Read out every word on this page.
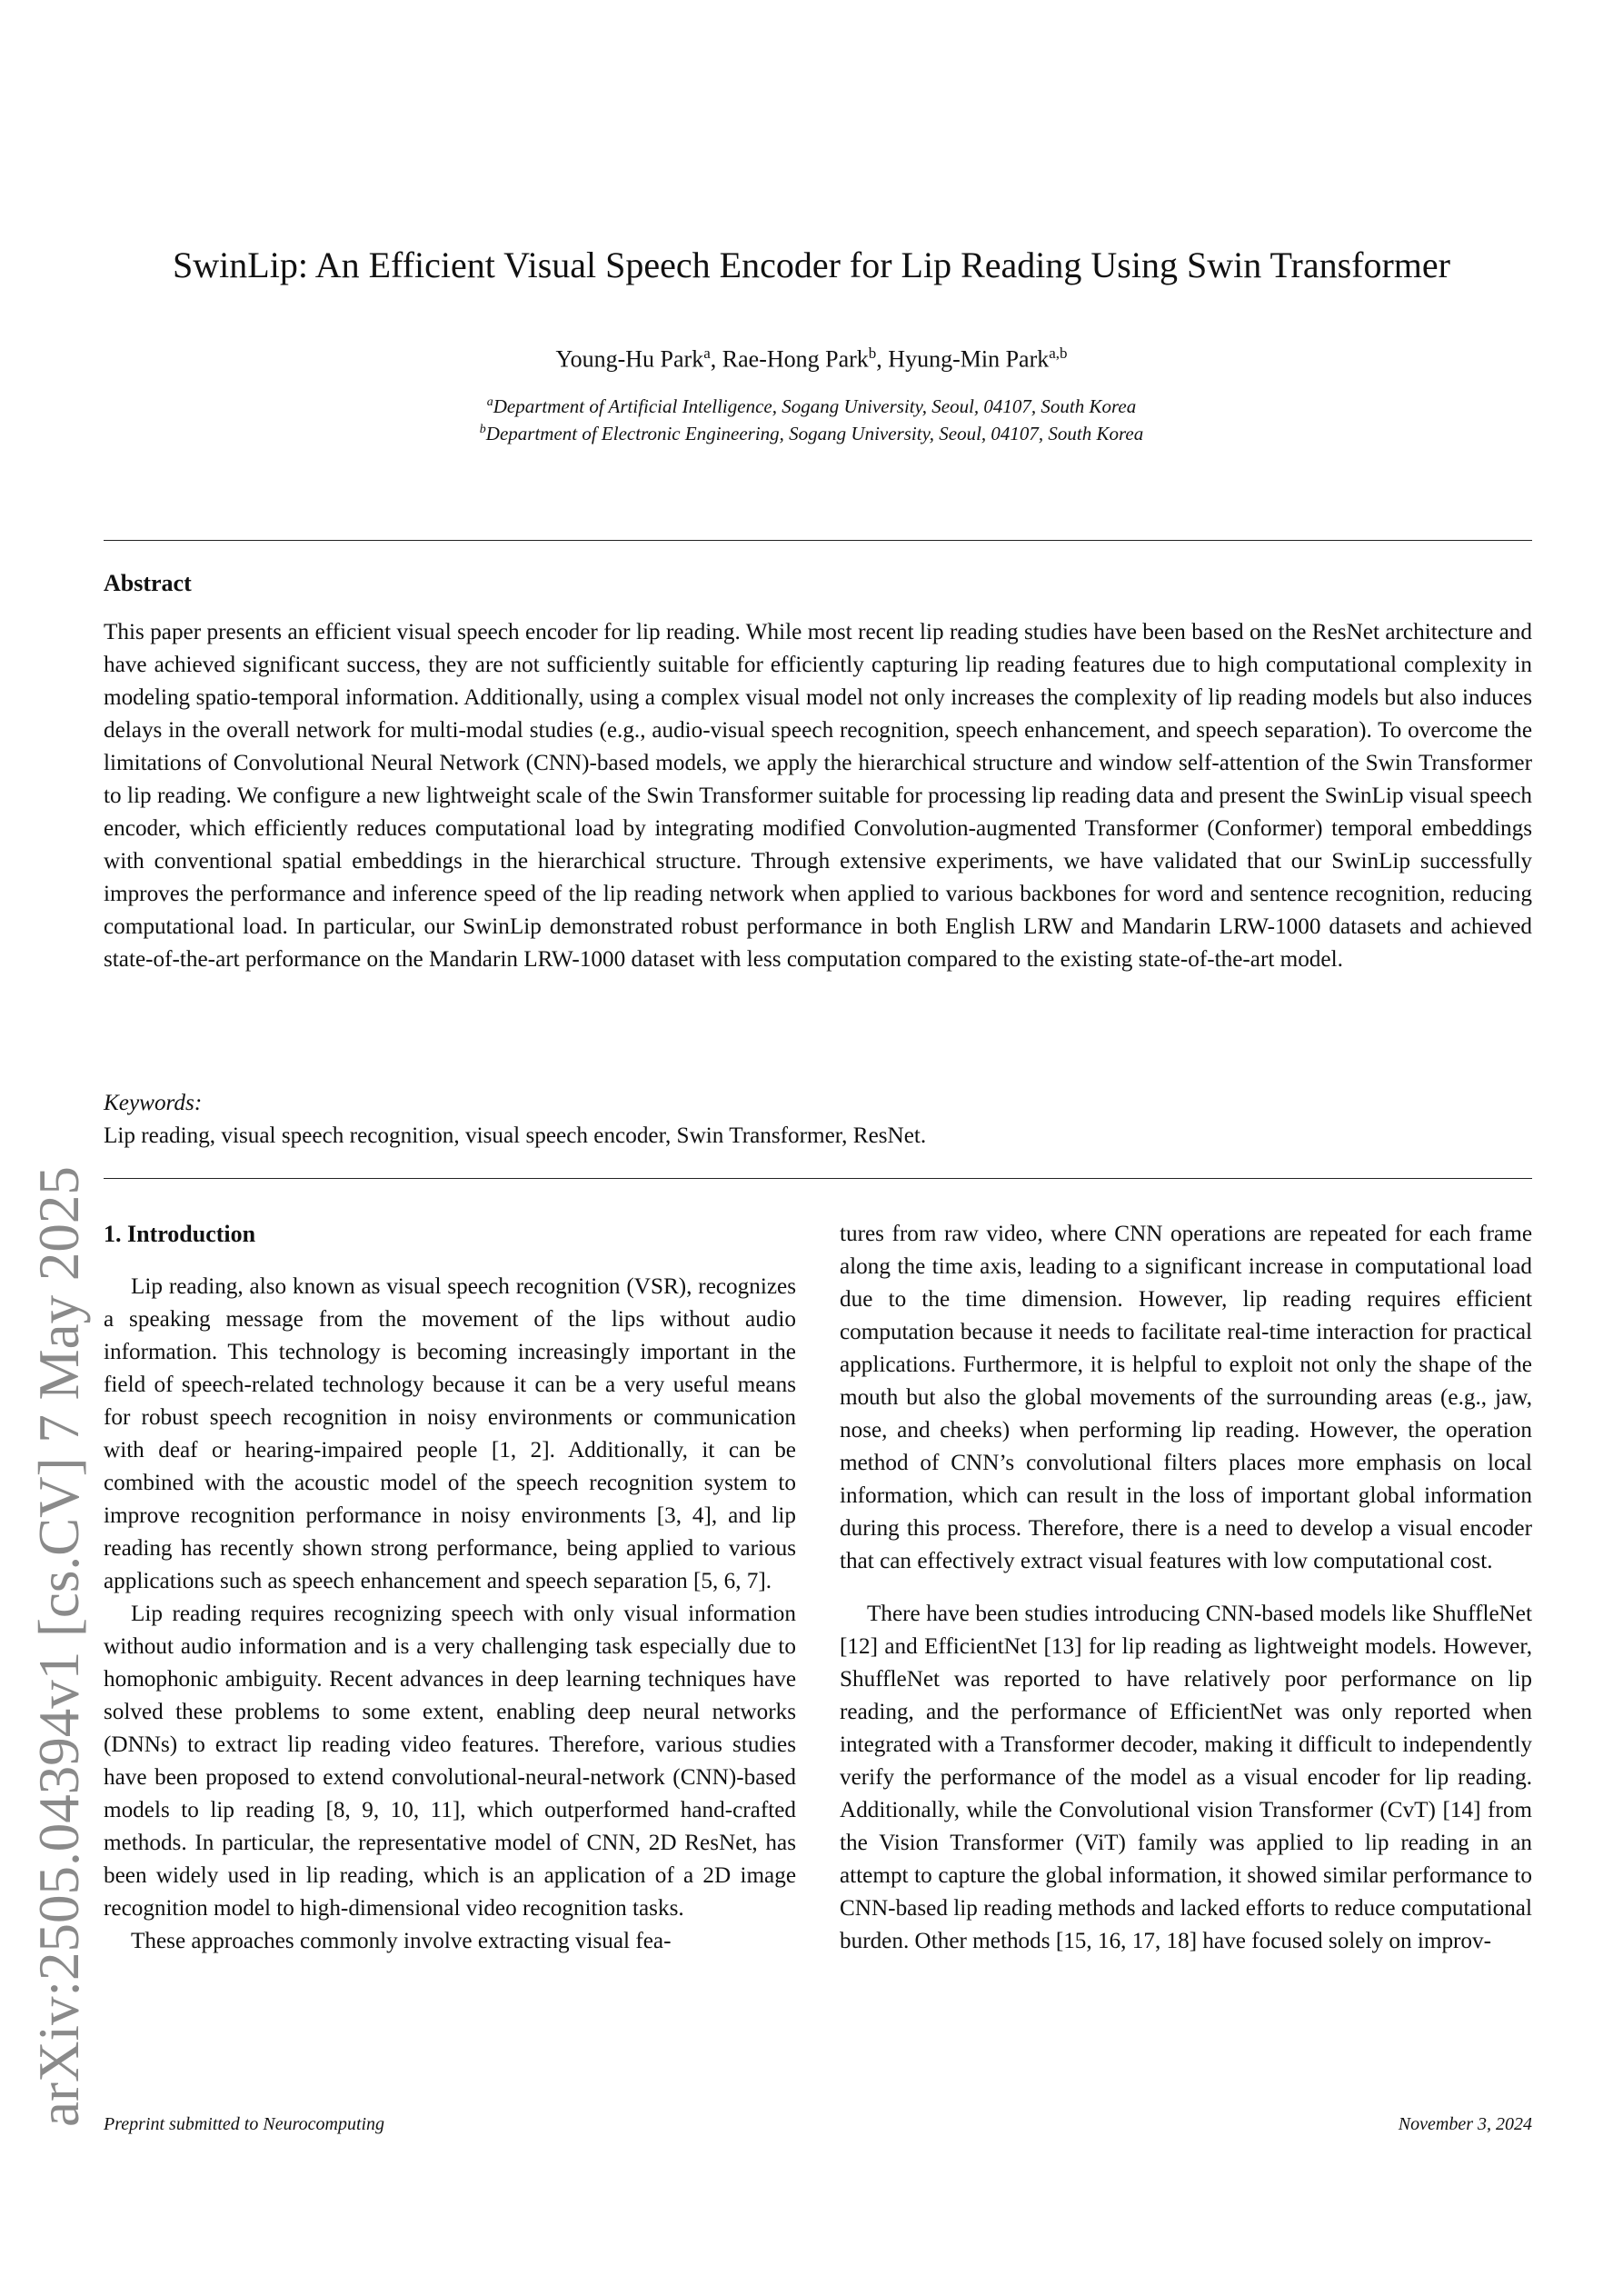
arXiv:2505.04394v1 [cs.CV] 7 May 2025
SwinLip: An Efficient Visual Speech Encoder for Lip Reading Using Swin Transformer
Young-Hu Park$^a$, Rae-Hong Park$^b$, Hyung-Min Park$^{a,b}$
$^a$Department of Artificial Intelligence, Sogang University, Seoul, 04107, South Korea
$^b$Department of Electronic Engineering, Sogang University, Seoul, 04107, South Korea
Abstract
This paper presents an efficient visual speech encoder for lip reading. While most recent lip reading studies have been based on the ResNet architecture and have achieved significant success, they are not sufficiently suitable for efficiently capturing lip reading features due to high computational complexity in modeling spatio-temporal information. Additionally, using a complex visual model not only increases the complexity of lip reading models but also induces delays in the overall network for multi-modal studies (e.g., audio-visual speech recognition, speech enhancement, and speech separation). To overcome the limitations of Convolutional Neural Network (CNN)-based models, we apply the hierarchical structure and window self-attention of the Swin Transformer to lip reading. We configure a new lightweight scale of the Swin Transformer suitable for processing lip reading data and present the SwinLip visual speech encoder, which efficiently reduces computational load by integrating modified Convolution-augmented Transformer (Conformer) temporal embeddings with conventional spatial embeddings in the hierarchical structure. Through extensive experiments, we have validated that our SwinLip successfully improves the performance and inference speed of the lip reading network when applied to various backbones for word and sentence recognition, reducing computational load. In particular, our SwinLip demonstrated robust performance in both English LRW and Mandarin LRW-1000 datasets and achieved state-of-the-art performance on the Mandarin LRW-1000 dataset with less computation compared to the existing state-of-the-art model.
Keywords:
Lip reading, visual speech recognition, visual speech encoder, Swin Transformer, ResNet.
1. Introduction

Lip reading, also known as visual speech recognition (VSR), recognizes a speaking message from the movement of the lips without audio information. This technology is becoming increasingly important in the field of speech-related technology because it can be a very useful means for robust speech recognition in noisy environments or communication with deaf or hearing-impaired people [1, 2]. Additionally, it can be combined with the acoustic model of the speech recognition system to improve recognition performance in noisy environments [3, 4], and lip reading has recently shown strong performance, being applied to various applications such as speech enhancement and speech separation [5, 6, 7].

Lip reading requires recognizing speech with only visual information without audio information and is a very challenging task especially due to homophonic ambiguity. Recent advances in deep learning techniques have solved these problems to some extent, enabling deep neural networks (DNNs) to extract lip reading video features. Therefore, various studies have been proposed to extend convolutional-neural-network (CNN)-based models to lip reading [8, 9, 10, 11], which outperformed hand-crafted methods. In particular, the representative model of CNN, 2D ResNet, has been widely used in lip reading, which is an application of a 2D image recognition model to high-dimensional video recognition tasks.

These approaches commonly involve extracting visual fea-

tures from raw video, where CNN operations are repeated for each frame along the time axis, leading to a significant increase in computational load due to the time dimension. However, lip reading requires efficient computation because it needs to facilitate real-time interaction for practical applications. Furthermore, it is helpful to exploit not only the shape of the mouth but also the global movements of the surrounding areas (e.g., jaw, nose, and cheeks) when performing lip reading. However, the operation method of CNN’s convolutional filters places more emphasis on local information, which can result in the loss of important global information during this process. Therefore, there is a need to develop a visual encoder that can effectively extract visual features with low computational cost.

There have been studies introducing CNN-based models like ShuffleNet [12] and EfficientNet [13] for lip reading as lightweight models. However, ShuffleNet was reported to have relatively poor performance on lip reading, and the performance of EfficientNet was only reported when integrated with a Transformer decoder, making it difficult to independently verify the performance of the model as a visual encoder for lip reading. Additionally, while the Convolutional vision Transformer (CvT) [14] from the Vision Transformer (ViT) family was applied to lip reading in an attempt to capture the global information, it showed similar performance to CNN-based lip reading methods and lacked efforts to reduce computational burden. Other methods [15, 16, 17, 18] have focused solely on improv-

Preprint submitted to Neurocomputing	November 3, 2024
